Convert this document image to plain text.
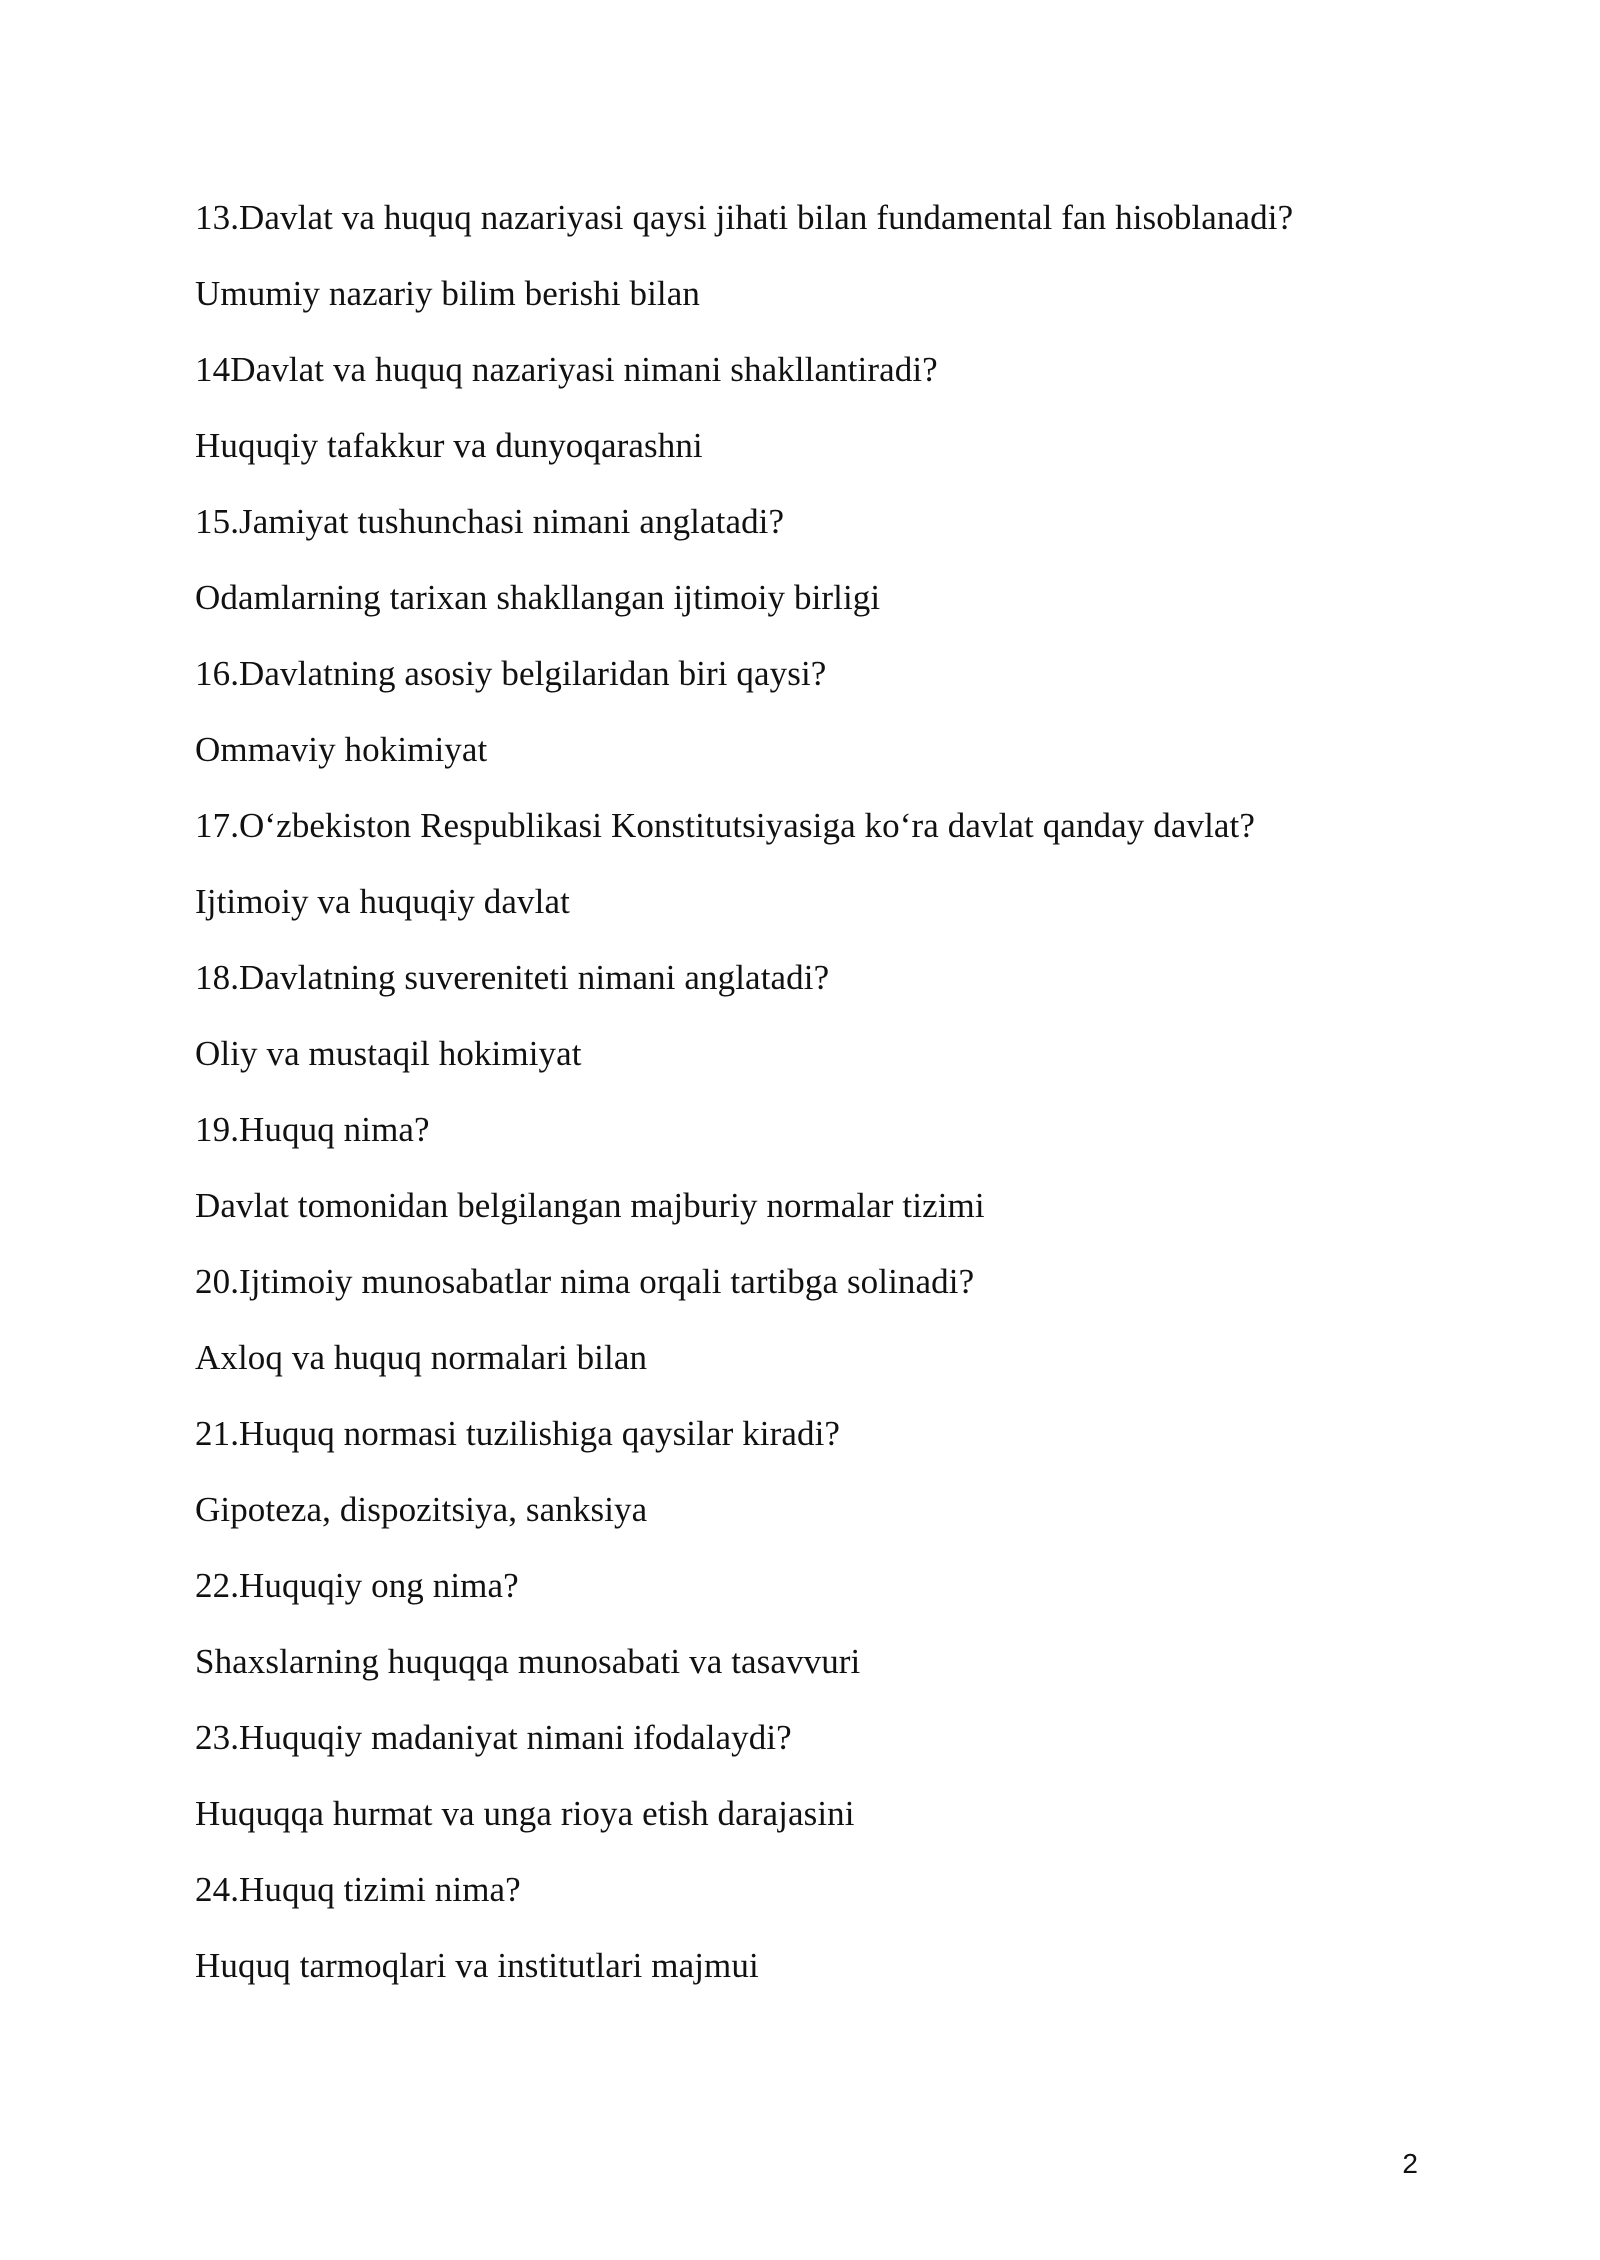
13.Davlat va huquq nazariyasi qaysi jihati bilan fundamental fan hisoblanadi?
Umumiy nazariy bilim berishi bilan
14Davlat va huquq nazariyasi nimani shakllantiradi?
Huquqiy tafakkur va dunyoqarashni
15.Jamiyat tushunchasi nimani anglatadi?
Odamlarning tarixan shakllangan ijtimoiy birligi
16.Davlatning asosiy belgilaridan biri qaysi?
Ommaviy hokimiyat
17.O‘zbekiston Respublikasi Konstitutsiyasiga ko‘ra davlat qanday davlat?
Ijtimoiy va huquqiy davlat
18.Davlatning suvereniteti nimani anglatadi?
Oliy va mustaqil hokimiyat
19.Huquq nima?
Davlat tomonidan belgilangan majburiy normalar tizimi
20.Ijtimoiy munosabatlar nima orqali tartibga solinadi?
Axloq va huquq normalari bilan
21.Huquq normasi tuzilishiga qaysilar kiradi?
Gipoteza, dispozitsiya, sanksiya
22.Huquqiy ong nima?
Shaxslarning huquqqa munosabati va tasavvuri
23.Huquqiy madaniyat nimani ifodalaydi?
Huquqqa hurmat va unga rioya etish darajasini
24.Huquq tizimi nima?
Huquq tarmoqlari va institutlari majmui
2
